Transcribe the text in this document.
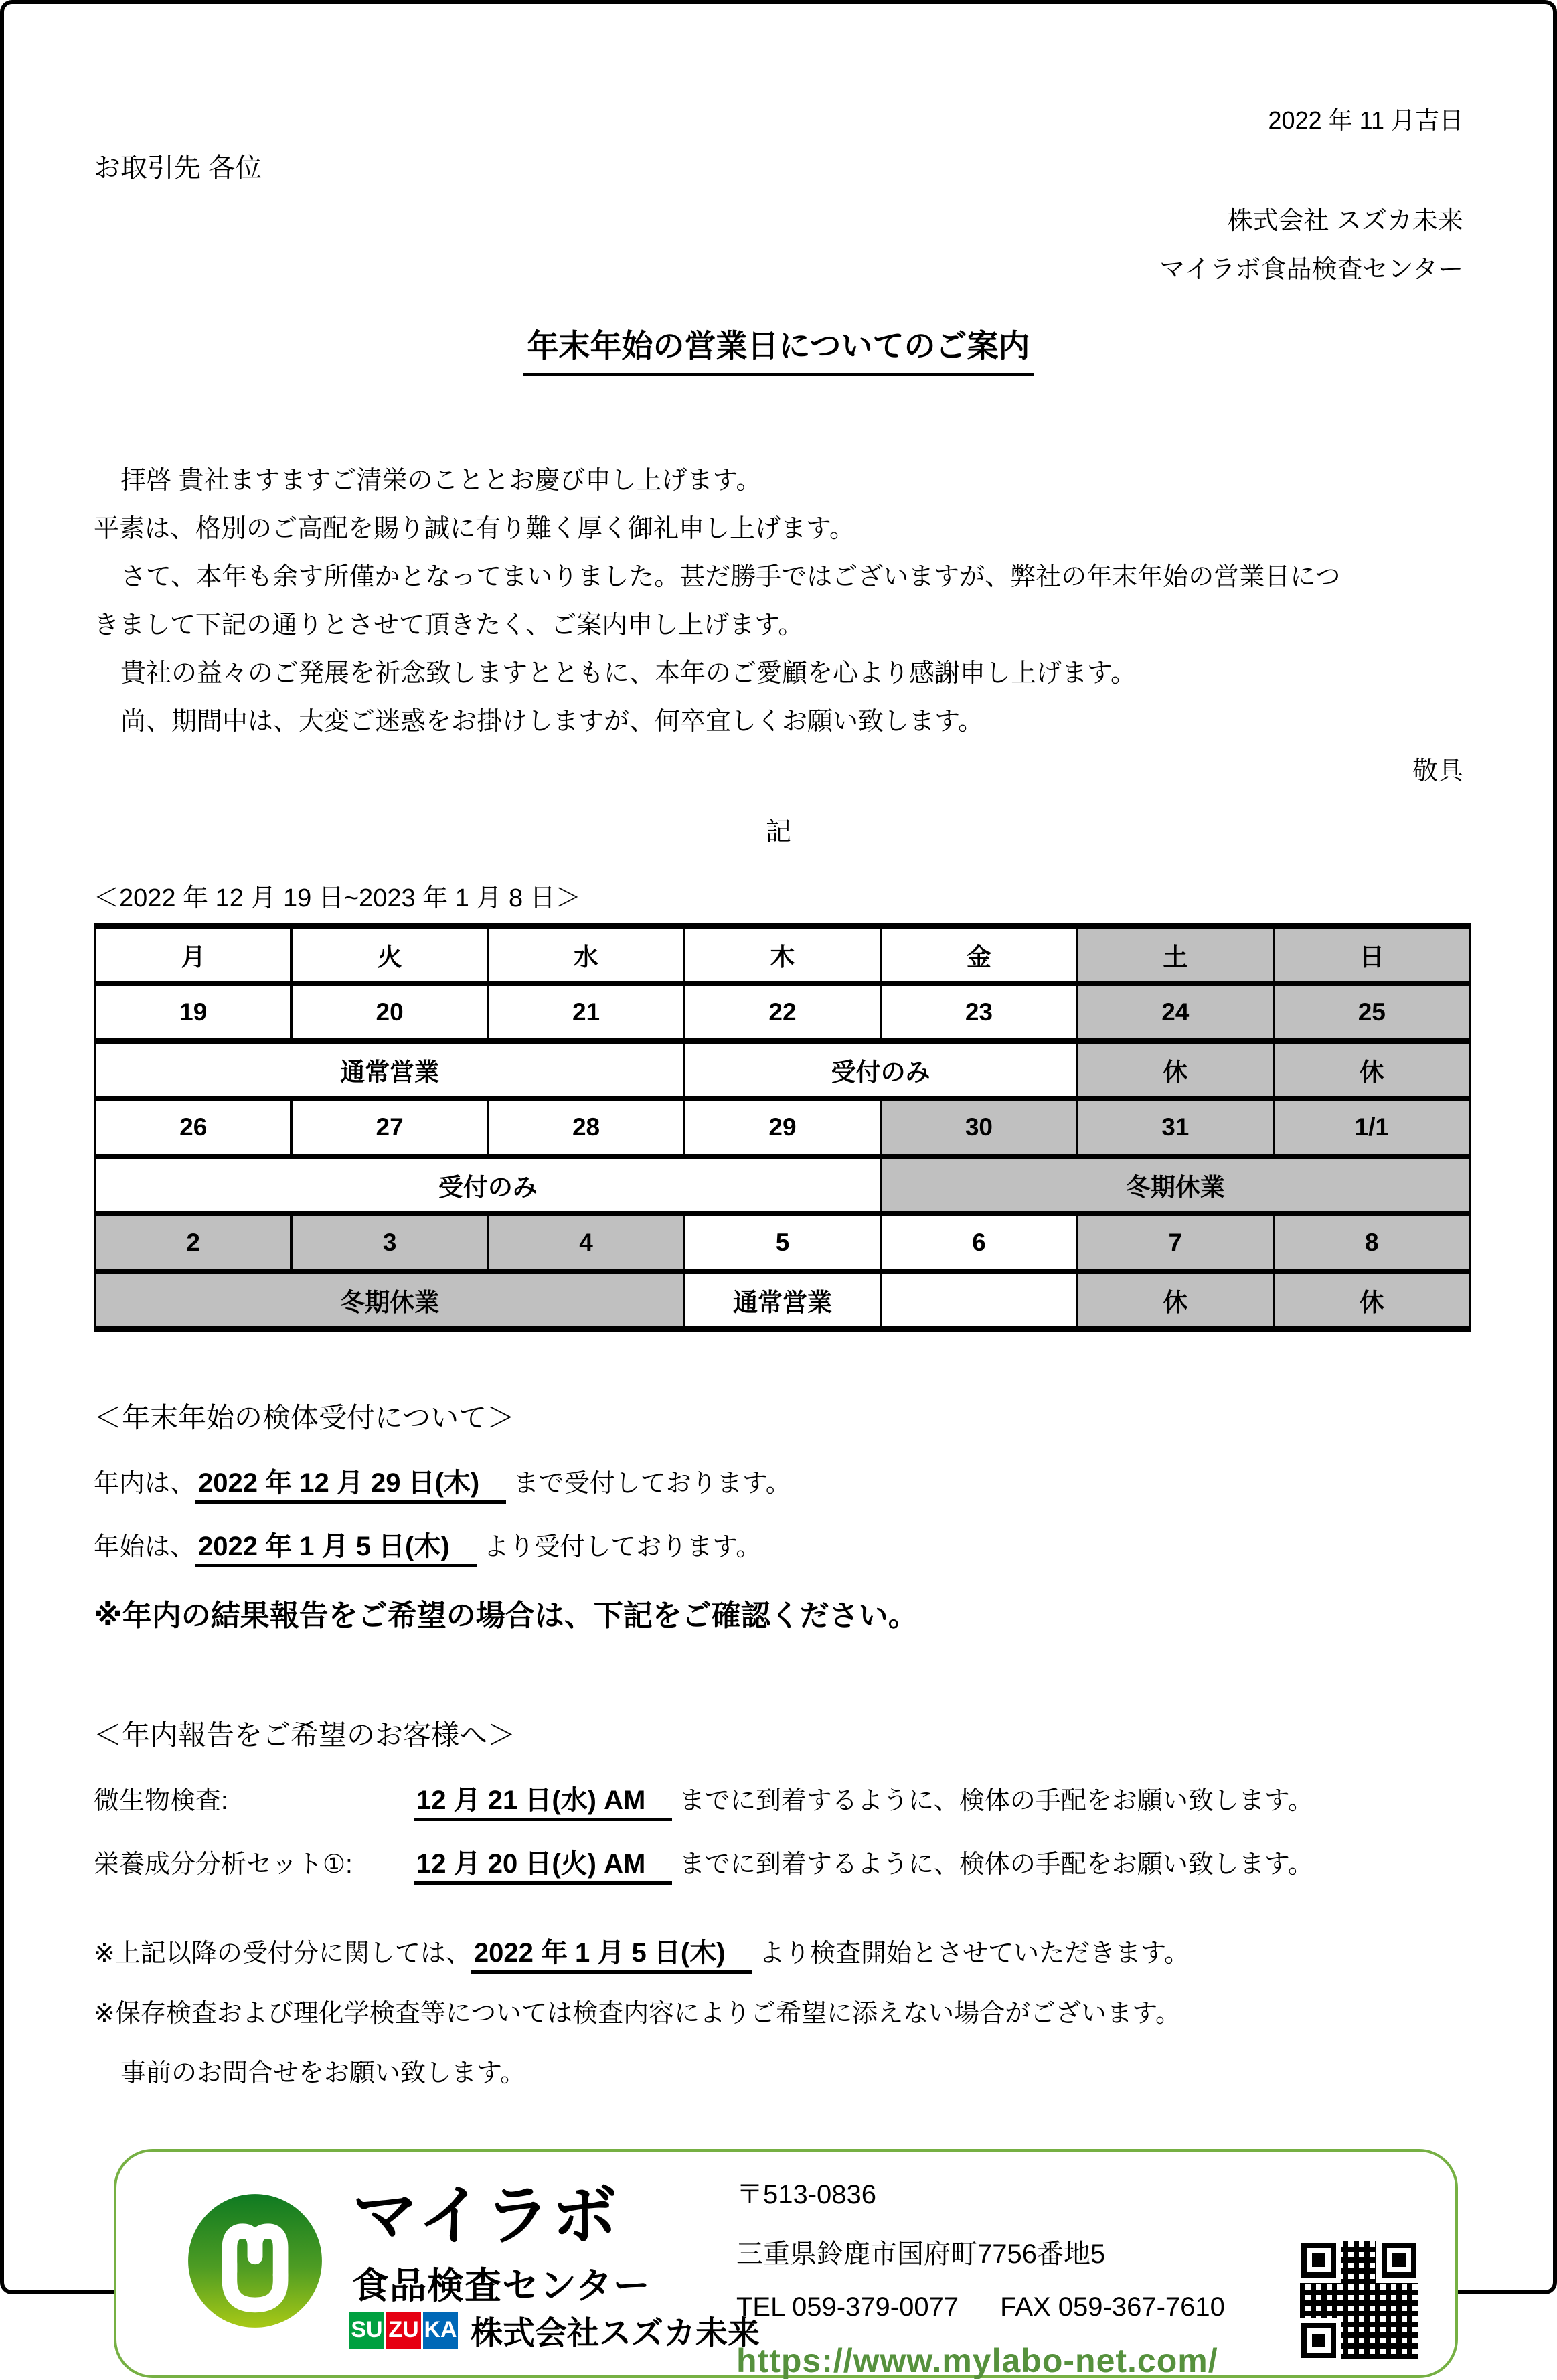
2022 年 11 月吉日
お取引先 各位
株式会社 スズカ未来
マイラボ食品検査センター
年末年始の営業日についてのご案内
拝啓 貴社ますますご清栄のこととお慶び申し上げます。
平素は、格別のご高配を賜り誠に有り難く厚く御礼申し上げます。
さて、本年も余す所僅かとなってまいりました。甚だ勝手ではございますが、弊社の年末年始の営業日につ
きまして下記の通りとさせて頂きたく、ご案内申し上げます。
貴社の益々のご発展を祈念致しますとともに、本年のご愛顧を心より感謝申し上げます。
尚、期間中は、大変ご迷惑をお掛けしますが、何卒宜しくお願い致します。
敬具
記
＜2022 年 12 月 19 日~2023 年 1 月 8 日＞
月	火	水	木	金	土	日
19	20	21	22	23	24	25
通常営業			受付のみ		休	休
26	27	28	29	30	31	1/1
受付のみ				冬期休業		
2	3	4	5	6	7	8
冬期休業			通常営業		休	休
＜年末年始の検体受付について＞
年内は、 2022 年 12 月 29 日(木) まで受付しております。
年始は、 2022 年 1 月 5 日(木) より受付しております。
※年内の結果報告をご希望の場合は、下記をご確認ください。
＜年内報告をご希望のお客様へ＞
微生物検査:	12 月 21 日(水) AM までに到着するように、検体の手配をお願い致します。
栄養成分分析セット①: 12 月 20 日(火) AM までに到着するように、検体の手配をお願い致します。
※上記以降の受付分に関しては、 2022 年 1 月 5 日(木) より検査開始とさせていただきます。
※保存検査および理化学検査等については検査内容によりご希望に添えない場合がございます。
事前のお問合せをお願い致します。
マイラボ
食品検査センター
SU ZU KA 株式会社スズカ未来
〒513-0836
三重県鈴鹿市国府町7756番地5
TEL 059-379-0077 FAX 059-367-7610
https://www.mylabo-net.com/
